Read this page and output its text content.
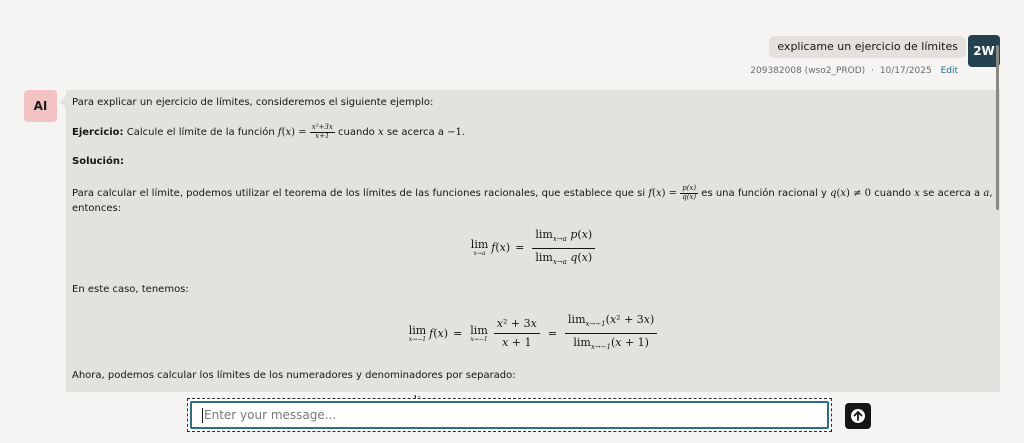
explicame un ejercicio de límites	2W
209382008 (wso2_PROD) · 10/17/2025 Edit
AI	Para explicar un ejercicio de límites, consideremos el siguiente ejemplo:

Ejercicio: Calcule el límite de la función $f(x) = \frac{\text{x²+3x}}{x+1}$ cuando x se acerca a −1.

Solución:

Para calcular el límite, podemos utilizar el teorema de los límites de las funciones racionales, que establece que si $f(x) = \frac{p(x)}{q(x)}$ es una función racional y q(x) ≠ 0 cuando x se acerca a a,
entonces:

lim
x→a f ( x ) = $\frac{\lim_{x\to a} p(x)}{\lim_{x\to a} q(x)}$

En este caso, tenemos:

lim
x→−1 f ( x ) = lim
$x\to-1 \frac{\text{x² + 3x}}{x + 1} = \frac{\lim_{x\to-1}(x^2 + 3x)}{\lim_{x\to-1}(x + 1)}$

Ahora, podemos calcular los límites de los numeradores y denominadores por separado:

Enter your message...
